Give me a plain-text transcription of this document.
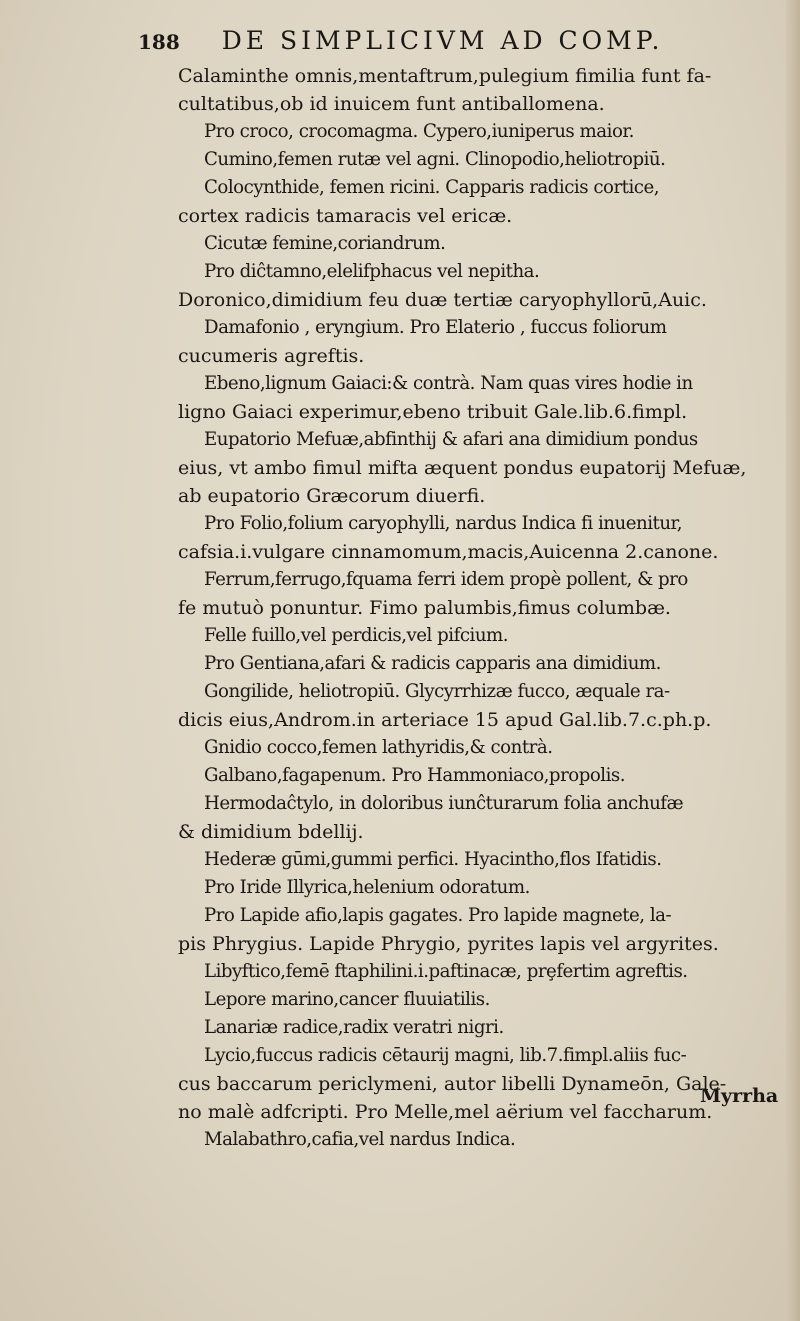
188 DE SIMPLICIVM AD COMP.
Calaminthe omnis,mentaftrum,pulegium fimilia funt fa-
cultatibus,ob id inuicem funt antiballomena.
Pro croco, crocomagma. Cypero,iuniperus maior.
Cumino,femen rutæ vel agni. Clinopodio,heliotropiū.
Colocynthide, femen ricini. Capparis radicis cortice,
cortex radicis tamaracis vel ericæ.
Cicutæ femine,coriandrum.
Pro diĉtamno,elelifphacus vel nepitha.
Doronico,dimidium feu duæ tertiæ caryophyllorū,Auic.
Damafonio , eryngium. Pro Elaterio , fuccus foliorum
cucumeris agreftis.
Ebeno,lignum Gaiaci:& contrà. Nam quas vires hodie in
ligno Gaiaci experimur,ebeno tribuit Gale.lib.6.fimpl.
Eupatorio Mefuæ,abfinthij & afari ana dimidium pondus
eius, vt ambo fimul mifta æquent pondus eupatorij Mefuæ,
ab eupatorio Græcorum diuerfi.
Pro Folio,folium caryophylli, nardus Indica fi inuenitur,
cafsia.i.vulgare cinnamomum,macis,Auicenna 2.canone.
Ferrum,ferrugo,fquama ferri idem propè pollent, & pro
fe mutuò ponuntur. Fimo palumbis,fimus columbæ.
Felle fuillo,vel perdicis,vel pifcium.
Pro Gentiana,afari & radicis capparis ana dimidium.
Gongilide, heliotropiū. Glycyrrhizæ fucco, æquale ra-
dicis eius,Androm.in arteriace 15 apud Gal.lib.7.c.ph.p.
Gnidio cocco,femen lathyridis,& contrà.
Galbano,fagapenum. Pro Hammoniaco,propolis.
Hermodaĉtylo, in doloribus iunĉturarum folia anchufæ
& dimidium bdellij.
Hederæ gūmi,gummi perfici. Hyacintho,flos Ifatidis.
Pro Iride Illyrica,helenium odoratum.
Pro Lapide afio,lapis gagates. Pro lapide magnete, la-
pis Phrygius. Lapide Phrygio, pyrites lapis vel argyrites.
Libyftico,femē ftaphilini.i.paftinacæ, prȩfertim agreftis.
Lepore marino,cancer fluuiatilis.
Lanariæ radice,radix veratri nigri.
Lycio,fuccus radicis cētaurij magni, lib.7.fimpl.aliis fuc-
cus baccarum periclymeni, autor libelli Dynameōn, Gale-
no malè adfcripti. Pro Melle,mel aërium vel faccharum.
Malabathro,cafia,vel nardus Indica.
Myrrha
